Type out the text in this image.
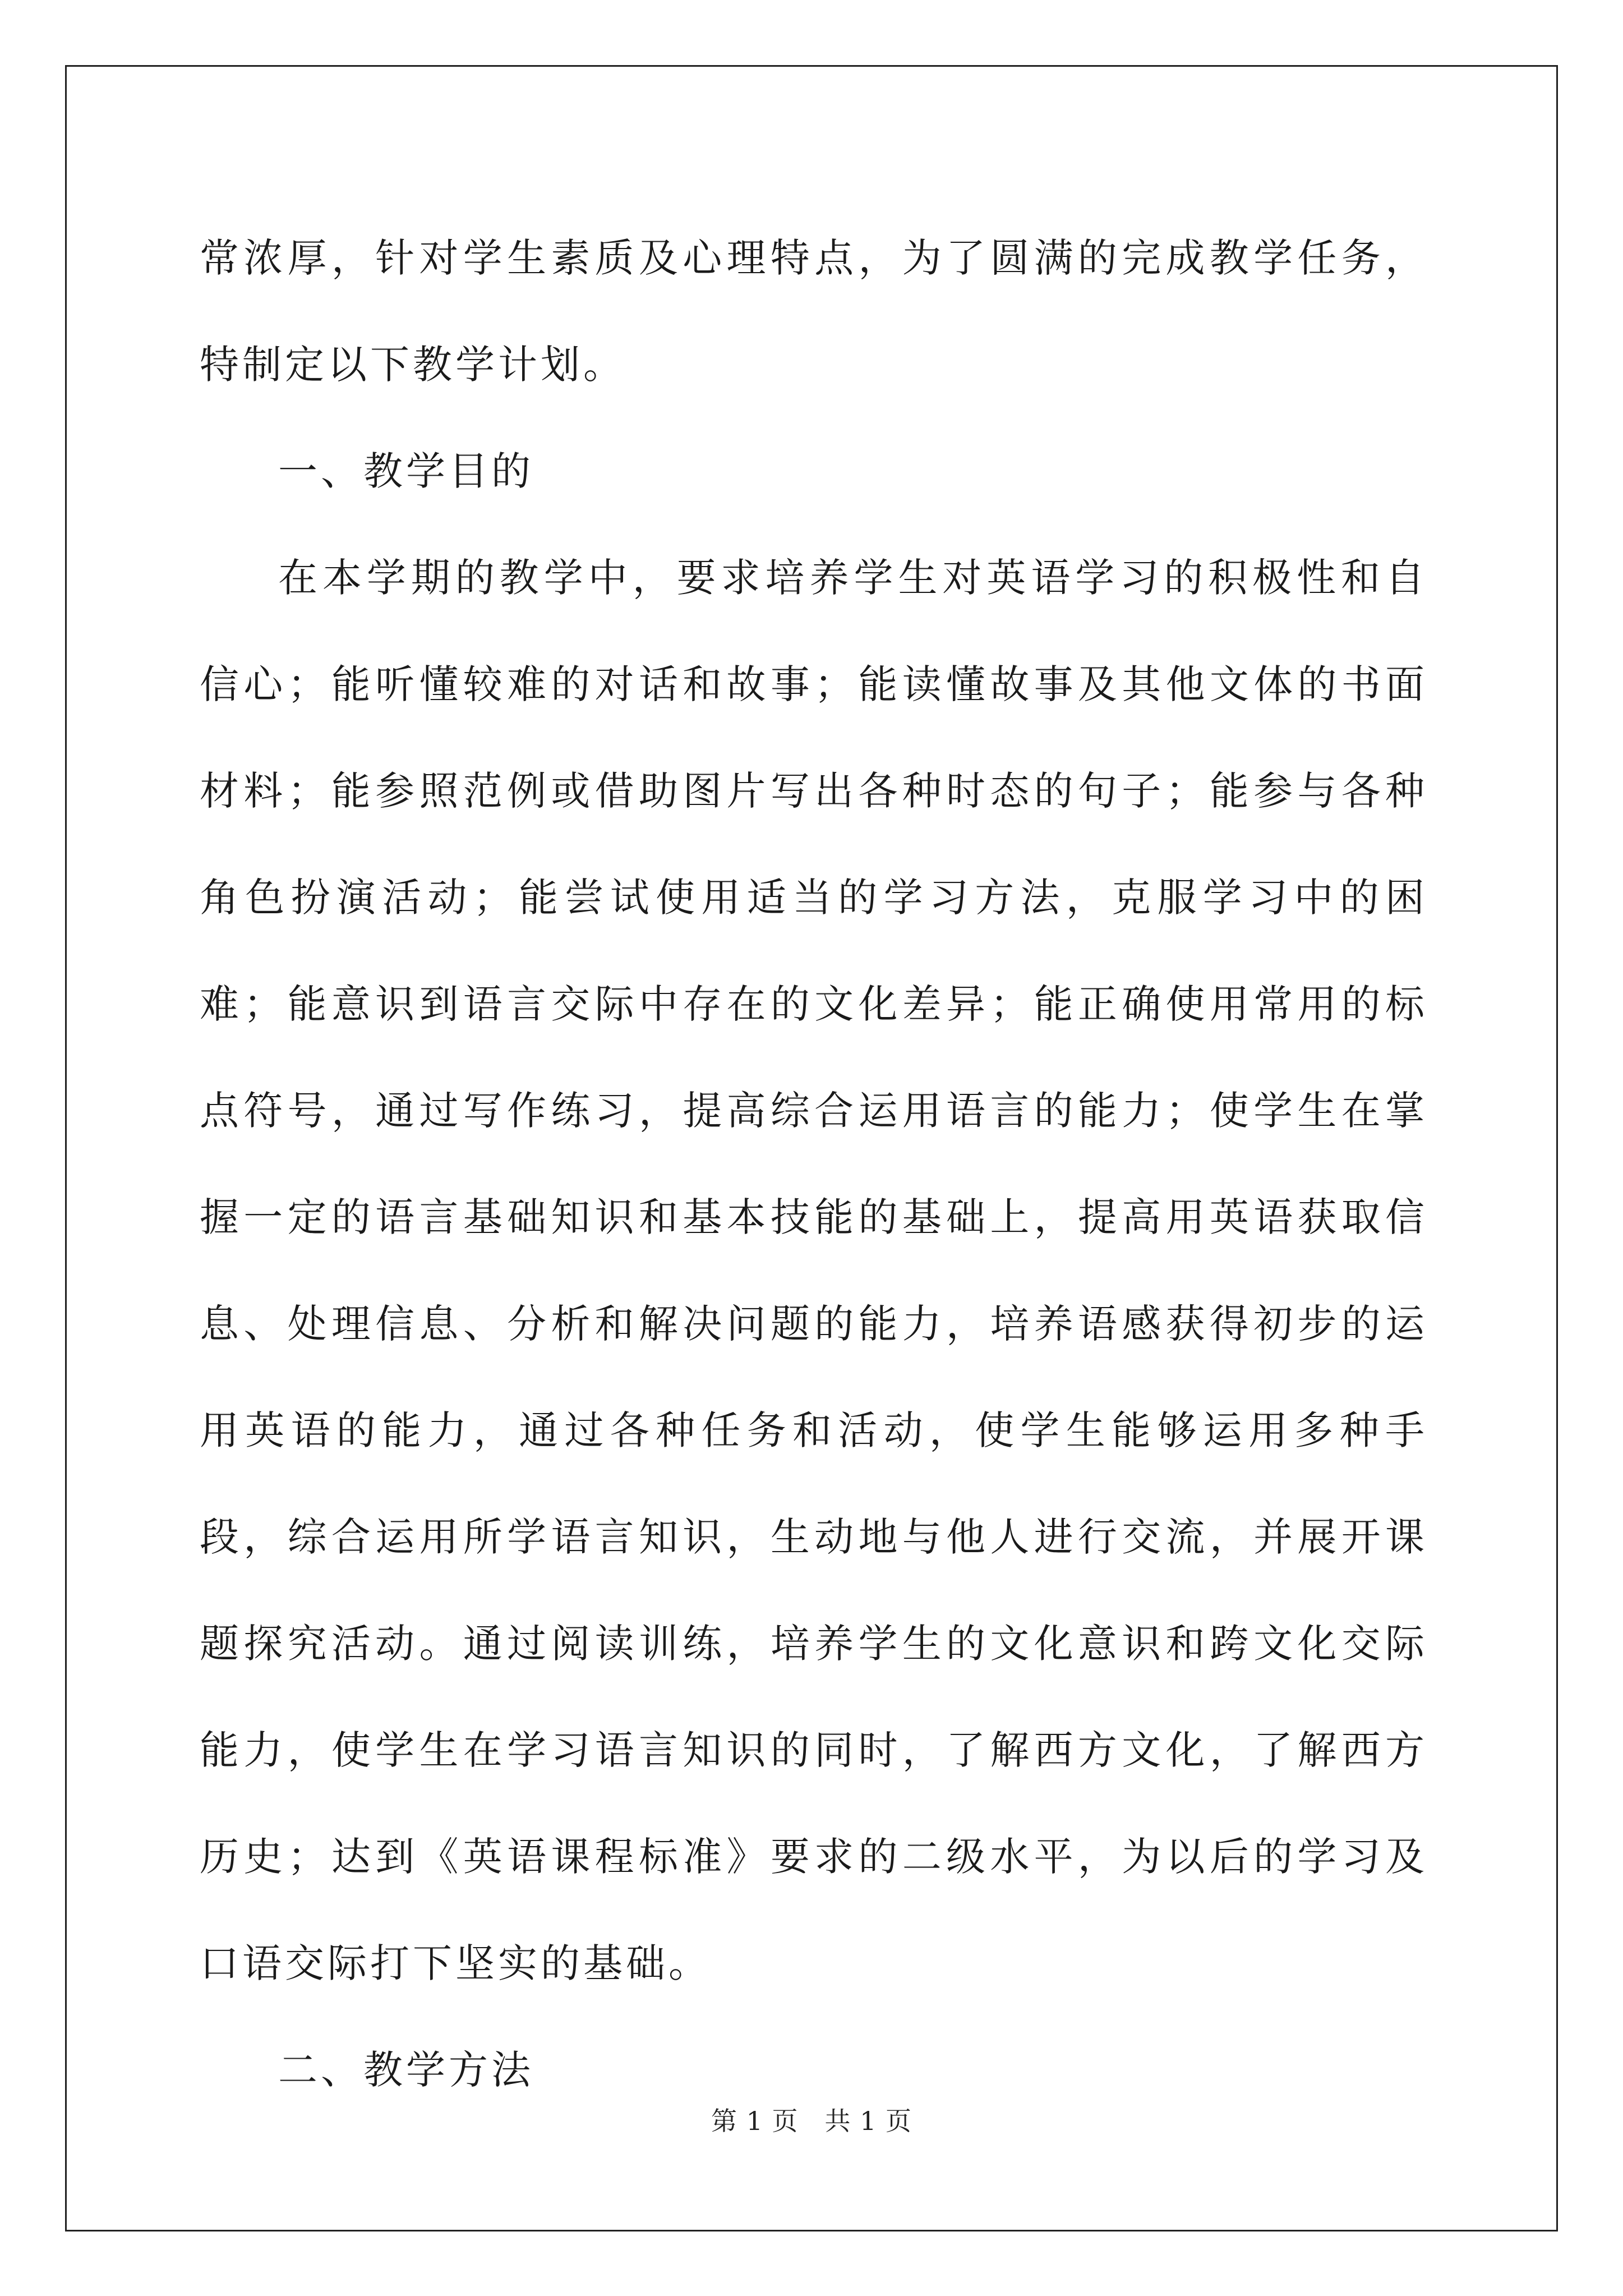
常浓厚，针对学生素质及心理特点，为了圆满的完成教学任务，特制定以下教学计划。

一、教学目的

在本学期的教学中，要求培养学生对英语学习的积极性和自信心；能听懂较难的对话和故事；能读懂故事及其他文体的书面材料；能参照范例或借助图片写出各种时态的句子；能参与各种角色扮演活动；能尝试使用适当的学习方法，克服学习中的困难；能意识到语言交际中存在的文化差异；能正确使用常用的标点符号，通过写作练习，提高综合运用语言的能力；使学生在掌握一定的语言基础知识和基本技能的基础上，提高用英语获取信息、处理信息、分析和解决问题的能力，培养语感获得初步的运用英语的能力，通过各种任务和活动，使学生能够运用多种手段，综合运用所学语言知识，生动地与他人进行交流，并展开课题探究活动。通过阅读训练，培养学生的文化意识和跨文化交际能力，使学生在学习语言知识的同时，了解西方文化，了解西方历史；达到《英语课程标准》要求的二级水平，为以后的学习及口语交际打下坚实的基础。

二、教学方法

第 1 页　共 1 页
